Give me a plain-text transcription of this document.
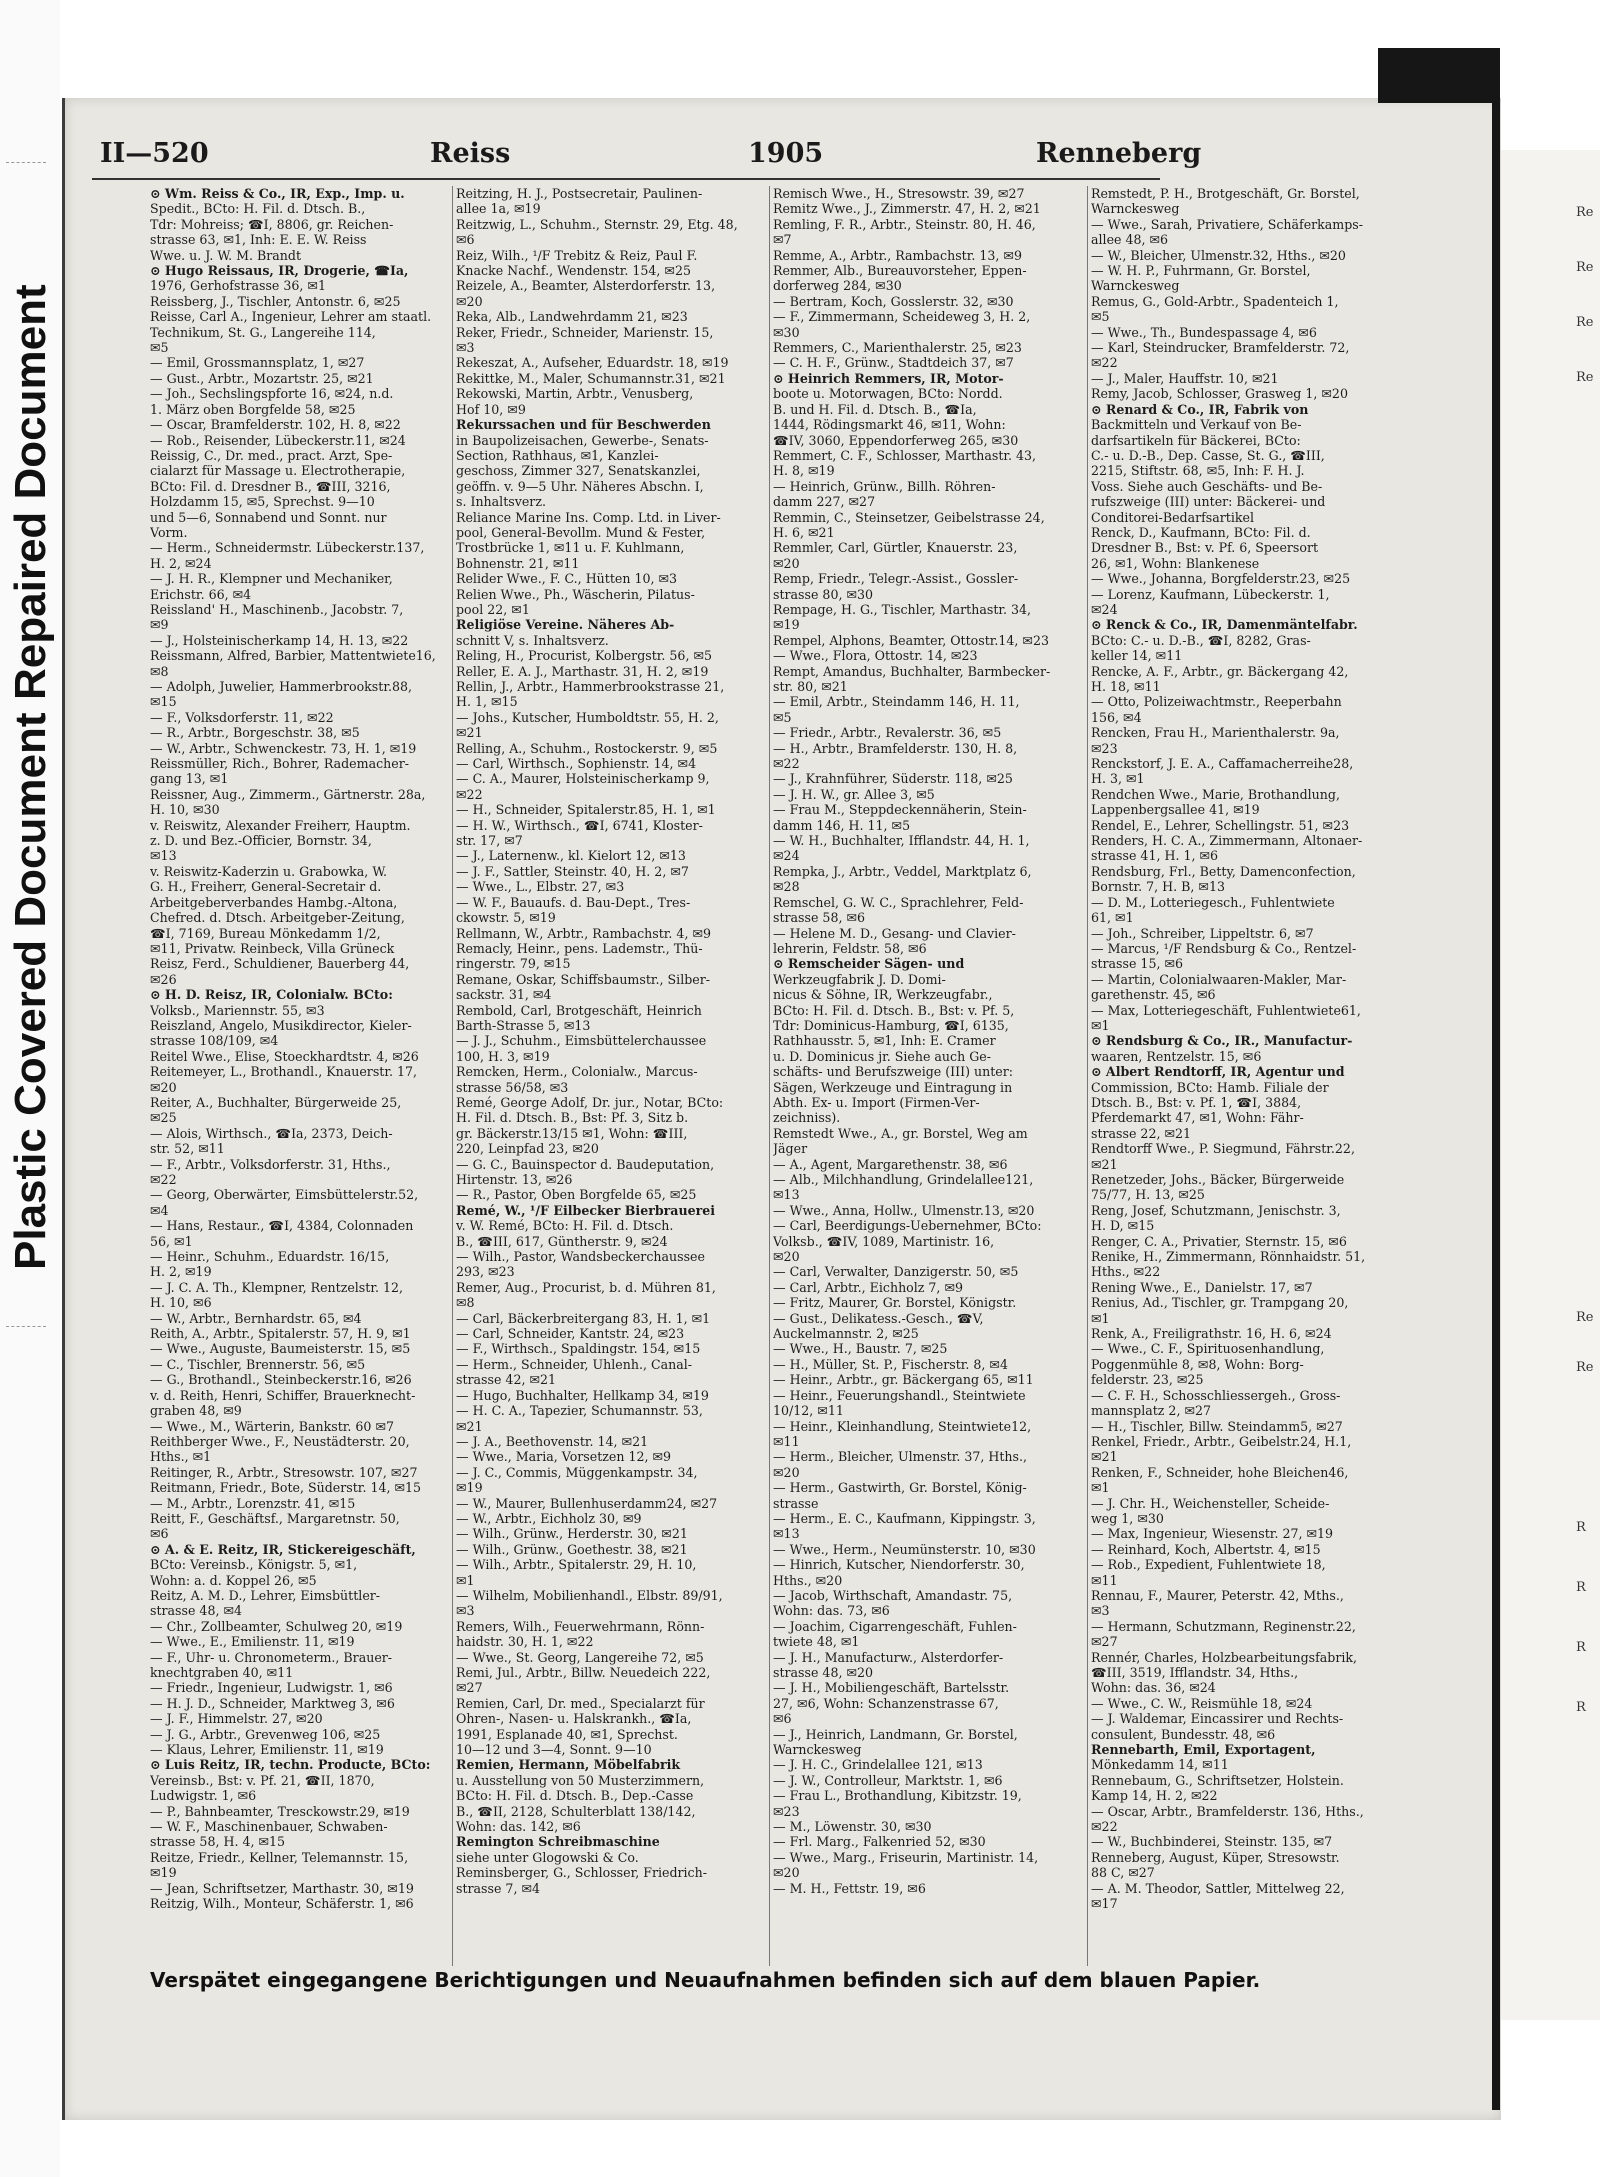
Repaired Document
Plastic Covered Document
Re
Re
Re
Re
Re
Re
R
R
R
R
II—520	Reiss	1905	Renneberg
⊙ Wm. Reiss & Co., IR, Exp., Imp. u.
Spedit., BCto: H. Fil. d. Dtsch. B.,
Tdr: Mohreiss; ☎I, 8806, gr. Reichen-
strasse 63, ✉1, Inh: E. E. W. Reiss
Wwe. u. J. W. M. Brandt
⊙ Hugo Reissaus, IR, Drogerie, ☎Ia,
1976, Gerhofstrasse 36, ✉1
Reissberg, J., Tischler, Antonstr. 6, ✉25
Reisse, Carl A., Ingenieur, Lehrer am staatl.
Technikum, St. G., Langereihe 114,
✉5
— Emil, Grossmannsplatz, 1, ✉27
— Gust., Arbtr., Mozartstr. 25, ✉21
— Joh., Sechslingspforte 16, ✉24, n.d.
1. März oben Borgfelde 58, ✉25
— Oscar, Bramfelderstr. 102, H. 8, ✉22
— Rob., Reisender, Lübeckerstr.11, ✉24
Reissig, C., Dr. med., pract. Arzt, Spe-
cialarzt für Massage u. Electrotherapie,
BCto: Fil. d. Dresdner B., ☎III, 3216,
Holzdamm 15, ✉5, Sprechst. 9—10
und 5—6, Sonnabend und Sonnt. nur
Vorm.
— Herm., Schneidermstr. Lübeckerstr.137,
H. 2, ✉24
— J. H. R., Klempner und Mechaniker,
Erichstr. 66, ✉4
Reissland' H., Maschinenb., Jacobstr. 7,
✉9
— J., Holsteinischerkamp 14, H. 13, ✉22
Reissmann, Alfred, Barbier, Mattentwiete16,
✉8
— Adolph, Juwelier, Hammerbrookstr.88,
✉15
— F., Volksdorferstr. 11, ✉22
— R., Arbtr., Borgeschstr. 38, ✉5
— W., Arbtr., Schwenckestr. 73, H. 1, ✉19
Reissmüller, Rich., Bohrer, Rademacher-
gang 13, ✉1
Reissner, Aug., Zimmerm., Gärtnerstr. 28a,
H. 10, ✉30
v. Reiswitz, Alexander Freiherr, Hauptm.
z. D. und Bez.-Officier, Bornstr. 34,
✉13
v. Reiswitz-Kaderzin u. Grabowka, W.
G. H., Freiherr, General-Secretair d.
Arbeitgeberverbandes Hambg.-Altona,
Chefred. d. Dtsch. Arbeitgeber-Zeitung,
☎I, 7169, Bureau Mönkedamm 1/2,
✉11, Privatw. Reinbeck, Villa Grüneck
Reisz, Ferd., Schuldiener, Bauerberg 44,
✉26
⊙ H. D. Reisz, IR, Colonialw. BCto:
Volksb., Mariennstr. 55, ✉3
Reiszland, Angelo, Musikdirector, Kieler-
strasse 108/109, ✉4
Reitel Wwe., Elise, Stoeckhardtstr. 4, ✉26
Reitemeyer, L., Brothandl., Knauerstr. 17,
✉20
Reiter, A., Buchhalter, Bürgerweide 25,
✉25
— Alois, Wirthsch., ☎Ia, 2373, Deich-
str. 52, ✉11
— F., Arbtr., Volksdorferstr. 31, Hths.,
✉22
— Georg, Oberwärter, Eimsbüttelerstr.52,
✉4
— Hans, Restaur., ☎I, 4384, Colonnaden
56, ✉1
— Heinr., Schuhm., Eduardstr. 16/15,
H. 2, ✉19
— J. C. A. Th., Klempner, Rentzelstr. 12,
H. 10, ✉6
— W., Arbtr., Bernhardstr. 65, ✉4
Reith, A., Arbtr., Spitalerstr. 57, H. 9, ✉1
— Wwe., Auguste, Baumeisterstr. 15, ✉5
— C., Tischler, Brennerstr. 56, ✉5
— G., Brothandl., Steinbeckerstr.16, ✉26
v. d. Reith, Henri, Schiffer, Brauerknecht-
graben 48, ✉9
— Wwe., M., Wärterin, Bankstr. 60 ✉7
Reithberger Wwe., F., Neustädterstr. 20,
Hths., ✉1
Reitinger, R., Arbtr., Stresowstr. 107, ✉27
Reitmann, Friedr., Bote, Süderstr. 14, ✉15
— M., Arbtr., Lorenzstr. 41, ✉15
Reitt, F., Geschäftsf., Margaretnstr. 50,
✉6
⊙ A. & E. Reitz, IR, Stickereigeschäft,
BCto: Vereinsb., Königstr. 5, ✉1,
Wohn: a. d. Koppel 26, ✉5
Reitz, A. M. D., Lehrer, Eimsbüttler-
strasse 48, ✉4
— Chr., Zollbeamter, Schulweg 20, ✉19
— Wwe., E., Emilienstr. 11, ✉19
— F., Uhr- u. Chronometerm., Brauer-
knechtgraben 40, ✉11
— Friedr., Ingenieur, Ludwigstr. 1, ✉6
— H. J. D., Schneider, Marktweg 3, ✉6
— J. F., Himmelstr. 27, ✉20
— J. G., Arbtr., Grevenweg 106, ✉25
— Klaus, Lehrer, Emilienstr. 11, ✉19
⊙ Luis Reitz, IR, techn. Producte, BCto:
Vereinsb., Bst: v. Pf. 21, ☎II, 1870,
Ludwigstr. 1, ✉6
— P., Bahnbeamter, Tresckowstr.29, ✉19
— W. F., Maschinenbauer, Schwaben-
strasse 58, H. 4, ✉15
Reitze, Friedr., Kellner, Telemannstr. 15,
✉19
— Jean, Schriftsetzer, Marthastr. 30, ✉19
Reitzig, Wilh., Monteur, Schäferstr. 1, ✉6
Reitzing, H. J., Postsecretair, Paulinen-
allee 1a, ✉19
Reitzwig, L., Schuhm., Sternstr. 29, Etg. 48,
✉6
Reiz, Wilh., ¹/F Trebitz & Reiz, Paul F.
Knacke Nachf., Wendenstr. 154, ✉25
Reizele, A., Beamter, Alsterdorferstr. 13,
✉20
Reka, Alb., Landwehrdamm 21, ✉23
Reker, Friedr., Schneider, Marienstr. 15,
✉3
Rekeszat, A., Aufseher, Eduardstr. 18, ✉19
Rekittke, M., Maler, Schumannstr.31, ✉21
Rekowski, Martin, Arbtr., Venusberg,
Hof 10, ✉9
Rekurssachen und für Beschwerden
in Baupolizeisachen, Gewerbe-, Senats-
Section, Rathhaus, ✉1, Kanzlei-
geschoss, Zimmer 327, Senatskanzlei,
geöffn. v. 9—5 Uhr. Näheres Abschn. I,
s. Inhaltsverz.
Reliance Marine Ins. Comp. Ltd. in Liver-
pool, General-Bevollm. Mund & Fester,
Trostbrücke 1, ✉11 u. F. Kuhlmann,
Bohnenstr. 21, ✉11
Relider Wwe., F. C., Hütten 10, ✉3
Relien Wwe., Ph., Wäscherin, Pilatus-
pool 22, ✉1
Religiöse Vereine. Näheres Ab-
schnitt V, s. Inhaltsverz.
Reling, H., Procurist, Kolbergstr. 56, ✉5
Reller, E. A. J., Marthastr. 31, H. 2, ✉19
Rellin, J., Arbtr., Hammerbrookstrasse 21,
H. 1, ✉15
— Johs., Kutscher, Humboldtstr. 55, H. 2,
✉21
Relling, A., Schuhm., Rostockerstr. 9, ✉5
— Carl, Wirthsch., Sophienstr. 14, ✉4
— C. A., Maurer, Holsteinischerkamp 9,
✉22
— H., Schneider, Spitalerstr.85, H. 1, ✉1
— H. W., Wirthsch., ☎I, 6741, Kloster-
str. 17, ✉7
— J., Laternenw., kl. Kielort 12, ✉13
— J. F., Sattler, Steinstr. 40, H. 2, ✉7
— Wwe., L., Elbstr. 27, ✉3
— W. F., Bauaufs. d. Bau-Dept., Tres-
ckowstr. 5, ✉19
Rellmann, W., Arbtr., Rambachstr. 4, ✉9
Remacly, Heinr., pens. Lademstr., Thü-
ringerstr. 79, ✉15
Remane, Oskar, Schiffsbaumstr., Silber-
sackstr. 31, ✉4
Rembold, Carl, Brotgeschäft, Heinrich
Barth-Strasse 5, ✉13
— J. J., Schuhm., Eimsbüttelerchaussee
100, H. 3, ✉19
Remcken, Herm., Colonialw., Marcus-
strasse 56/58, ✉3
Remé, George Adolf, Dr. jur., Notar, BCto:
H. Fil. d. Dtsch. B., Bst: Pf. 3, Sitz b.
gr. Bäckerstr.13/15 ✉1, Wohn: ☎III,
220, Leinpfad 23, ✉20
— G. C., Bauinspector d. Baudeputation,
Hirtenstr. 13, ✉26
— R., Pastor, Oben Borgfelde 65, ✉25
Remé, W., ¹/F Eilbecker Bierbrauerei
v. W. Remé, BCto: H. Fil. d. Dtsch.
B., ☎III, 617, Güntherstr. 9, ✉24
— Wilh., Pastor, Wandsbeckerchaussee
293, ✉23
Remer, Aug., Procurist, b. d. Mühren 81,
✉8
— Carl, Bäckerbreitergang 83, H. 1, ✉1
— Carl, Schneider, Kantstr. 24, ✉23
— F., Wirthsch., Spaldingstr. 154, ✉15
— Herm., Schneider, Uhlenh., Canal-
strasse 42, ✉21
— Hugo, Buchhalter, Hellkamp 34, ✉19
— H. C. A., Tapezier, Schumannstr. 53,
✉21
— J. A., Beethovenstr. 14, ✉21
— Wwe., Maria, Vorsetzen 12, ✉9
— J. C., Commis, Müggenkampstr. 34,
✉19
— W., Maurer, Bullenhuserdamm24, ✉27
— W., Arbtr., Eichholz 30, ✉9
— Wilh., Grünw., Herderstr. 30, ✉21
— Wilh., Grünw., Goethestr. 38, ✉21
— Wilh., Arbtr., Spitalerstr. 29, H. 10,
✉1
— Wilhelm, Mobilienhandl., Elbstr. 89/91,
✉3
Remers, Wilh., Feuerwehrmann, Rönn-
haidstr. 30, H. 1, ✉22
— Wwe., St. Georg, Langereihe 72, ✉5
Remi, Jul., Arbtr., Billw. Neuedeich 222,
✉27
Remien, Carl, Dr. med., Specialarzt für
Ohren-, Nasen- u. Halskrankh., ☎Ia,
1991, Esplanade 40, ✉1, Sprechst.
10—12 und 3—4, Sonnt. 9—10
Remien, Hermann, Möbelfabrik
u. Ausstellung von 50 Musterzimmern,
BCto: H. Fil. d. Dtsch. B., Dep.-Casse
B., ☎II, 2128, Schulterblatt 138/142,
Wohn: das. 142, ✉6
Remington Schreibmaschine
siehe unter Glogowski & Co.
Reminsberger, G., Schlosser, Friedrich-
strasse 7, ✉4
Remisch Wwe., H., Stresowstr. 39, ✉27
Remitz Wwe., J., Zimmerstr. 47, H. 2, ✉21
Remling, F. R., Arbtr., Steinstr. 80, H. 46,
✉7
Remme, A., Arbtr., Rambachstr. 13, ✉9
Remmer, Alb., Bureauvorsteher, Eppen-
dorferweg 284, ✉30
— Bertram, Koch, Gosslerstr. 32, ✉30
— F., Zimmermann, Scheideweg 3, H. 2,
✉30
Remmers, C., Marienthalerstr. 25, ✉23
— C. H. F., Grünw., Stadtdeich 37, ✉7
⊙ Heinrich Remmers, IR, Motor-
boote u. Motorwagen, BCto: Nordd.
B. und H. Fil. d. Dtsch. B., ☎Ia,
1444, Rödingsmarkt 46, ✉11, Wohn:
☎IV, 3060, Eppendorferweg 265, ✉30
Remmert, C. F., Schlosser, Marthastr. 43,
H. 8, ✉19
— Heinrich, Grünw., Billh. Röhren-
damm 227, ✉27
Remmin, C., Steinsetzer, Geibelstrasse 24,
H. 6, ✉21
Remmler, Carl, Gürtler, Knauerstr. 23,
✉20
Remp, Friedr., Telegr.-Assist., Gossler-
strasse 80, ✉30
Rempage, H. G., Tischler, Marthastr. 34,
✉19
Rempel, Alphons, Beamter, Ottostr.14, ✉23
— Wwe., Flora, Ottostr. 14, ✉23
Rempt, Amandus, Buchhalter, Barmbecker-
str. 80, ✉21
— Emil, Arbtr., Steindamm 146, H. 11,
✉5
— Friedr., Arbtr., Revalerstr. 36, ✉5
— H., Arbtr., Bramfelderstr. 130, H. 8,
✉22
— J., Krahnführer, Süderstr. 118, ✉25
— J. H. W., gr. Allee 3, ✉5
— Frau M., Steppdeckennäherin, Stein-
damm 146, H. 11, ✉5
— W. H., Buchhalter, Ifflandstr. 44, H. 1,
✉24
Rempka, J., Arbtr., Veddel, Marktplatz 6,
✉28
Remschel, G. W. C., Sprachlehrer, Feld-
strasse 58, ✉6
— Helene M. D., Gesang- und Clavier-
lehrerin, Feldstr. 58, ✉6
⊙ Remscheider Sägen- und
Werkzeugfabrik J. D. Domi-
nicus & Söhne, IR, Werkzeugfabr.,
BCto: H. Fil. d. Dtsch. B., Bst: v. Pf. 5,
Tdr: Dominicus-Hamburg, ☎I, 6135,
Rathhausstr. 5, ✉1, Inh: E. Cramer
u. D. Dominicus jr. Siehe auch Ge-
schäfts- und Berufszweige (III) unter:
Sägen, Werkzeuge und Eintragung in
Abth. Ex- u. Import (Firmen-Ver-
zeichniss).
Remstedt Wwe., A., gr. Borstel, Weg am
Jäger
— A., Agent, Margarethenstr. 38, ✉6
— Alb., Milchhandlung, Grindelallee121,
✉13
— Wwe., Anna, Hollw., Ulmenstr.13, ✉20
— Carl, Beerdigungs-Uebernehmer, BCto:
Volksb., ☎IV, 1089, Martinistr. 16,
✉20
— Carl, Verwalter, Danzigerstr. 50, ✉5
— Carl, Arbtr., Eichholz 7, ✉9
— Fritz, Maurer, Gr. Borstel, Königstr.
— Gust., Delikatess.-Gesch., ☎V,
Auckelmannstr. 2, ✉25
— Wwe., H., Baustr. 7, ✉25
— H., Müller, St. P., Fischerstr. 8, ✉4
— Heinr., Arbtr., gr. Bäckergang 65, ✉11
— Heinr., Feuerungshandl., Steintwiete
10/12, ✉11
— Heinr., Kleinhandlung, Steintwiete12,
✉11
— Herm., Bleicher, Ulmenstr. 37, Hths.,
✉20
— Herm., Gastwirth, Gr. Borstel, König-
strasse
— Herm., E. C., Kaufmann, Kippingstr. 3,
✉13
— Wwe., Herm., Neumünsterstr. 10, ✉30
— Hinrich, Kutscher, Niendorferstr. 30,
Hths., ✉20
— Jacob, Wirthschaft, Amandastr. 75,
Wohn: das. 73, ✉6
— Joachim, Cigarrengeschäft, Fuhlen-
twiete 48, ✉1
— J. H., Manufacturw., Alsterdorfer-
strasse 48, ✉20
— J. H., Mobiliengeschäft, Bartelsstr.
27, ✉6, Wohn: Schanzenstrasse 67,
✉6
— J., Heinrich, Landmann, Gr. Borstel,
Warnckesweg
— J. H. C., Grindelallee 121, ✉13
— J. W., Controlleur, Marktstr. 1, ✉6
— Frau L., Brothandlung, Kibitzstr. 19,
✉23
— M., Löwenstr. 30, ✉30
— Frl. Marg., Falkenried 52, ✉30
— Wwe., Marg., Friseurin, Martinistr. 14,
✉20
— M. H., Fettstr. 19, ✉6
Remstedt, P. H., Brotgeschäft, Gr. Borstel,
Warnckesweg
— Wwe., Sarah, Privatiere, Schäferkamps-
allee 48, ✉6
— W., Bleicher, Ulmenstr.32, Hths., ✉20
— W. H. P., Fuhrmann, Gr. Borstel,
Warnckesweg
Remus, G., Gold-Arbtr., Spadenteich 1,
✉5
— Wwe., Th., Bundespassage 4, ✉6
— Karl, Steindrucker, Bramfelderstr. 72,
✉22
— J., Maler, Hauffstr. 10, ✉21
Remy, Jacob, Schlosser, Grasweg 1, ✉20
⊙ Renard & Co., IR, Fabrik von
Backmitteln und Verkauf von Be-
darfsartikeln für Bäckerei, BCto:
C.- u. D.-B., Dep. Casse, St. G., ☎III,
2215, Stiftstr. 68, ✉5, Inh: F. H. J.
Voss. Siehe auch Geschäfts- und Be-
rufszweige (III) unter: Bäckerei- und
Conditorei-Bedarfsartikel
Renck, D., Kaufmann, BCto: Fil. d.
Dresdner B., Bst: v. Pf. 6, Speersort
26, ✉1, Wohn: Blankenese
— Wwe., Johanna, Borgfelderstr.23, ✉25
— Lorenz, Kaufmann, Lübeckerstr. 1,
✉24
⊙ Renck & Co., IR, Damenmäntelfabr.
BCto: C.- u. D.-B., ☎I, 8282, Gras-
keller 14, ✉11
Rencke, A. F., Arbtr., gr. Bäckergang 42,
H. 18, ✉11
— Otto, Polizeiwachtmstr., Reeperbahn
156, ✉4
Rencken, Frau H., Marienthalerstr. 9a,
✉23
Renckstorf, J. E. A., Caffamacherreihe28,
H. 3, ✉1
Rendchen Wwe., Marie, Brothandlung,
Lappenbergsallee 41, ✉19
Rendel, E., Lehrer, Schellingstr. 51, ✉23
Renders, H. C. A., Zimmermann, Altonaer-
strasse 41, H. 1, ✉6
Rendsburg, Frl., Betty, Damenconfection,
Bornstr. 7, H. B, ✉13
— D. M., Lotteriegesch., Fuhlentwiete
61, ✉1
— Joh., Schreiber, Lippeltstr. 6, ✉7
— Marcus, ¹/F Rendsburg & Co., Rentzel-
strasse 15, ✉6
— Martin, Colonialwaaren-Makler, Mar-
garethenstr. 45, ✉6
— Max, Lotteriegeschäft, Fuhlentwiete61,
✉1
⊙ Rendsburg & Co., IR., Manufactur-
waaren, Rentzelstr. 15, ✉6
⊙ Albert Rendtorff, IR, Agentur und
Commission, BCto: Hamb. Filiale der
Dtsch. B., Bst: v. Pf. 1, ☎I, 3884,
Pferdemarkt 47, ✉1, Wohn: Fähr-
strasse 22, ✉21
Rendtorff Wwe., P. Siegmund, Fährstr.22,
✉21
Renetzeder, Johs., Bäcker, Bürgerweide
75/77, H. 13, ✉25
Reng, Josef, Schutzmann, Jenischstr. 3,
H. D, ✉15
Renger, C. A., Privatier, Sternstr. 15, ✉6
Renike, H., Zimmermann, Rönnhaidstr. 51,
Hths., ✉22
Rening Wwe., E., Danielstr. 17, ✉7
Renius, Ad., Tischler, gr. Trampgang 20,
✉1
Renk, A., Freiligrathstr. 16, H. 6, ✉24
— Wwe., C. F., Spirituosenhandlung,
Poggenmühle 8, ✉8, Wohn: Borg-
felderstr. 23, ✉25
— C. F. H., Schosschliessergeh., Gross-
mannsplatz 2, ✉27
— H., Tischler, Billw. Steindamm5, ✉27
Renkel, Friedr., Arbtr., Geibelstr.24, H.1,
✉21
Renken, F., Schneider, hohe Bleichen46,
✉1
— J. Chr. H., Weichensteller, Scheide-
weg 1, ✉30
— Max, Ingenieur, Wiesenstr. 27, ✉19
— Reinhard, Koch, Albertstr. 4, ✉15
— Rob., Expedient, Fuhlentwiete 18,
✉11
Rennau, F., Maurer, Peterstr. 42, Mths.,
✉3
— Hermann, Schutzmann, Reginenstr.22,
✉27
Rennér, Charles, Holzbearbeitungsfabrik,
☎III, 3519, Ifflandstr. 34, Hths.,
Wohn: das. 36, ✉24
— Wwe., C. W., Reismühle 18, ✉24
— J. Waldemar, Eincassirer und Rechts-
consulent, Bundesstr. 48, ✉6
Rennebarth, Emil, Exportagent,
Mönkedamm 14, ✉11
Rennebaum, G., Schriftsetzer, Holstein.
Kamp 14, H. 2, ✉22
— Oscar, Arbtr., Bramfelderstr. 136, Hths.,
✉22
— W., Buchbinderei, Steinstr. 135, ✉7
Renneberg, August, Küper, Stresowstr.
88 C, ✉27
— A. M. Theodor, Sattler, Mittelweg 22,
✉17
Verspätet eingegangene Berichtigungen und Neuaufnahmen befinden sich auf dem blauen Papier.
